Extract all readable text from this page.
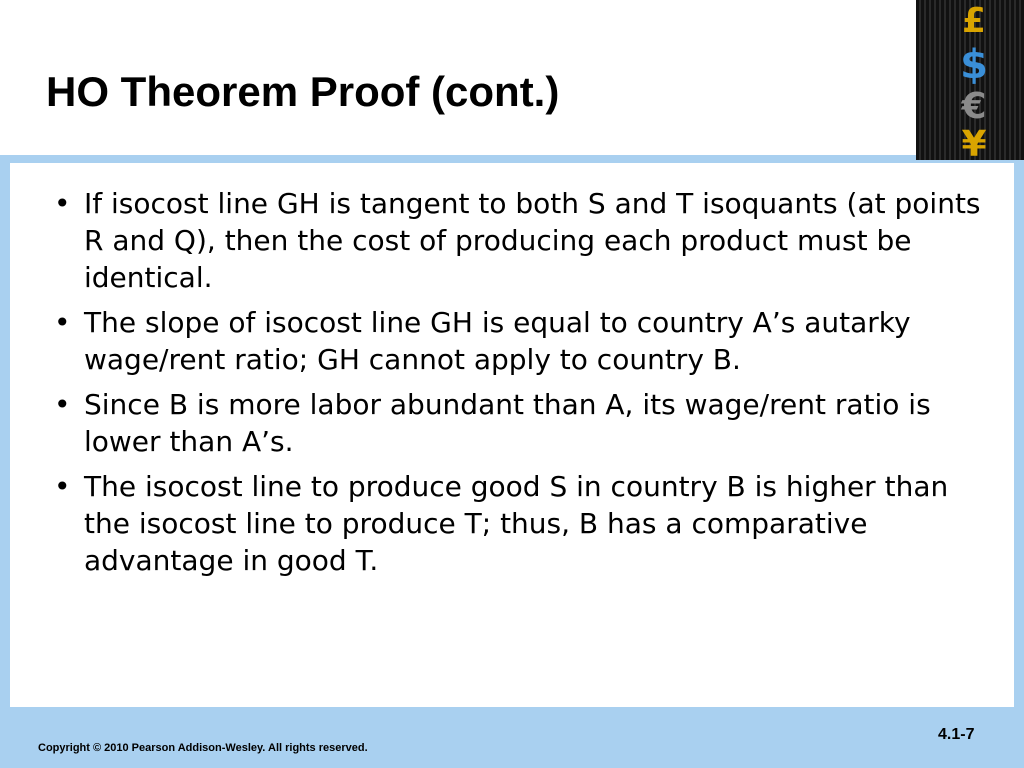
HO Theorem Proof (cont.)
£
$
€
¥
• If isocost line GH is tangent to both S and T isoquants (at points R and Q), then the cost of producing each product must be identical.
• The slope of isocost line GH is equal to country A’s autarky wage/rent ratio; GH cannot apply to country B.
• Since B is more labor abundant than A, its wage/rent ratio is lower than A’s.
• The isocost line to produce good S in country B is higher than the isocost line to produce T; thus, B has a comparative advantage in good T.
Copyright © 2010 Pearson Addison-Wesley. All rights reserved.
4.1-7
